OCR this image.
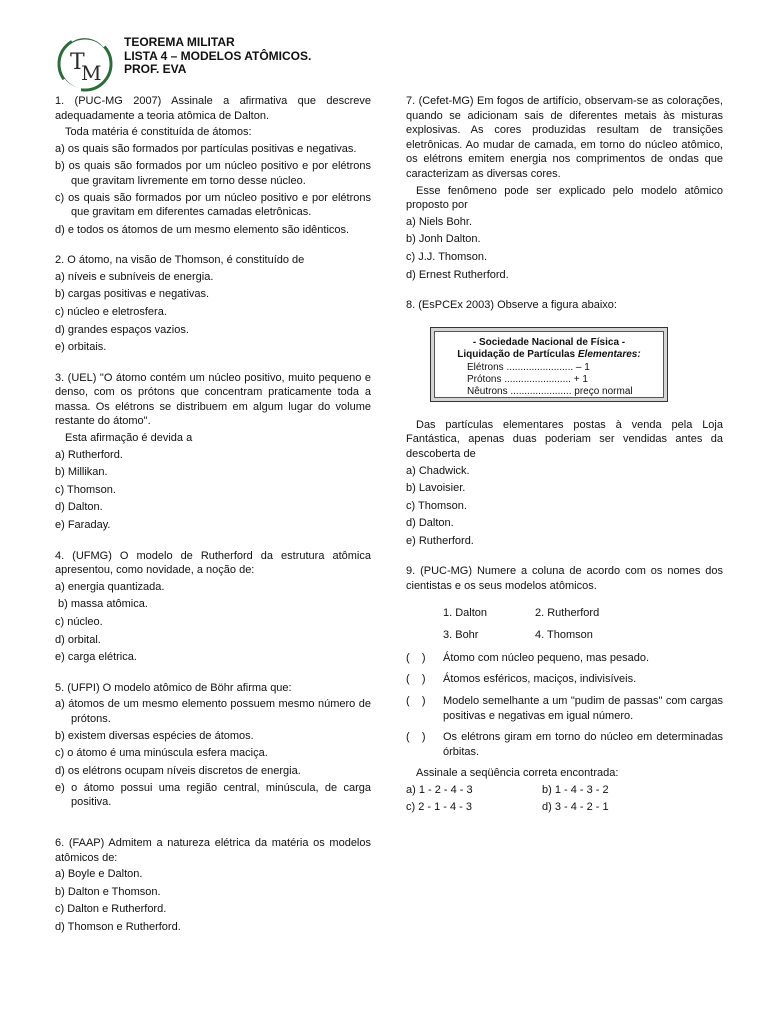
T
M
TEOREMA MILITAR
LISTA 4 – MODELOS ATÔMICOS.
PROF. EVA
1. (PUC-MG 2007) Assinale a afirmativa que descreve adequadamente a teoria atômica de Dalton.
Toda matéria é constituída de átomos:
a) os quais são formados por partículas positivas e negativas.
b) os quais são formados por um núcleo positivo e por elétrons que gravitam livremente em torno desse núcleo.
c) os quais são formados por um núcleo positivo e por elétrons que gravitam em diferentes camadas eletrônicas.
d) e todos os átomos de um mesmo elemento são idênticos.
2. O átomo, na visão de Thomson, é constituído de
a) níveis e subníveis de energia.
b) cargas positivas e negativas.
c) núcleo e eletrosfera.
d) grandes espaços vazios.
e) orbitais.
3. (UEL) "O átomo contém um núcleo positivo, muito pequeno e denso, com os prótons que concentram praticamente toda a massa. Os elétrons se distribuem em algum lugar do volume restante do átomo".
Esta afirmação é devida a
a) Rutherford.
b) Millikan.
c) Thomson.
d) Dalton.
e) Faraday.
4. (UFMG) O modelo de Rutherford da estrutura atômica apresentou, como novidade, a noção de:
a) energia quantizada.
b) massa atômica.
c) núcleo.
d) orbital.
e) carga elétrica.
5. (UFPI) O modelo atômico de Böhr afirma que:
a) átomos de um mesmo elemento possuem mesmo número de prótons.
b) existem diversas espécies de átomos.
c) o átomo é uma minúscula esfera maciça.
d) os elétrons ocupam níveis discretos de energia.
e) o átomo possui uma região central, minúscula, de carga positiva.
6. (FAAP) Admitem a natureza elétrica da matéria os modelos atômicos de:
a) Boyle e Dalton.
b) Dalton e Thomson.
c) Dalton e Rutherford.
d) Thomson e Rutherford.
7. (Cefet-MG) Em fogos de artifício, observam-se as colorações, quando se adicionam sais de diferentes metais às misturas explosivas. As cores produzidas resultam de transições eletrônicas. Ao mudar de camada, em torno do núcleo atômico, os elétrons emitem energia nos comprimentos de ondas que caracterizam as diversas cores.
Esse fenômeno pode ser explicado pelo modelo atômico proposto por
a) Niels Bohr.
b) Jonh Dalton.
c) J.J. Thomson.
d) Ernest Rutherford.
8. (EsPCEx 2003) Observe a figura abaixo:
- Sociedade Nacional de Física -
Liquidação de Partículas Elementares:
Elétrons ........................ – 1
Prótons ........................ + 1
Nêutrons ...................... preço normal
Das partículas elementares postas à venda pela Loja Fantástica, apenas duas poderiam ser vendidas antes da descoberta de
a) Chadwick.
b) Lavoisier.
c) Thomson.
d) Dalton.
e) Rutherford.
9. (PUC-MG) Numere a coluna de acordo com os nomes dos cientistas e os seus modelos atômicos.
1. Dalton	2. Rutherford
3. Bohr	4. Thomson
(    )	Átomo com núcleo pequeno, mas pesado.
(    )	Átomos esféricos, maciços, indivisíveis.
(    )	Modelo semelhante a um "pudim de passas" com cargas positivas e negativas em igual número.
(    )	Os elétrons giram em torno do núcleo em determinadas órbitas.
Assinale a seqüência correta encontrada:
a) 1 - 2 - 4 - 3	b) 1 - 4 - 3 - 2
c) 2 - 1 - 4 - 3	d) 3 - 4 - 2 - 1
